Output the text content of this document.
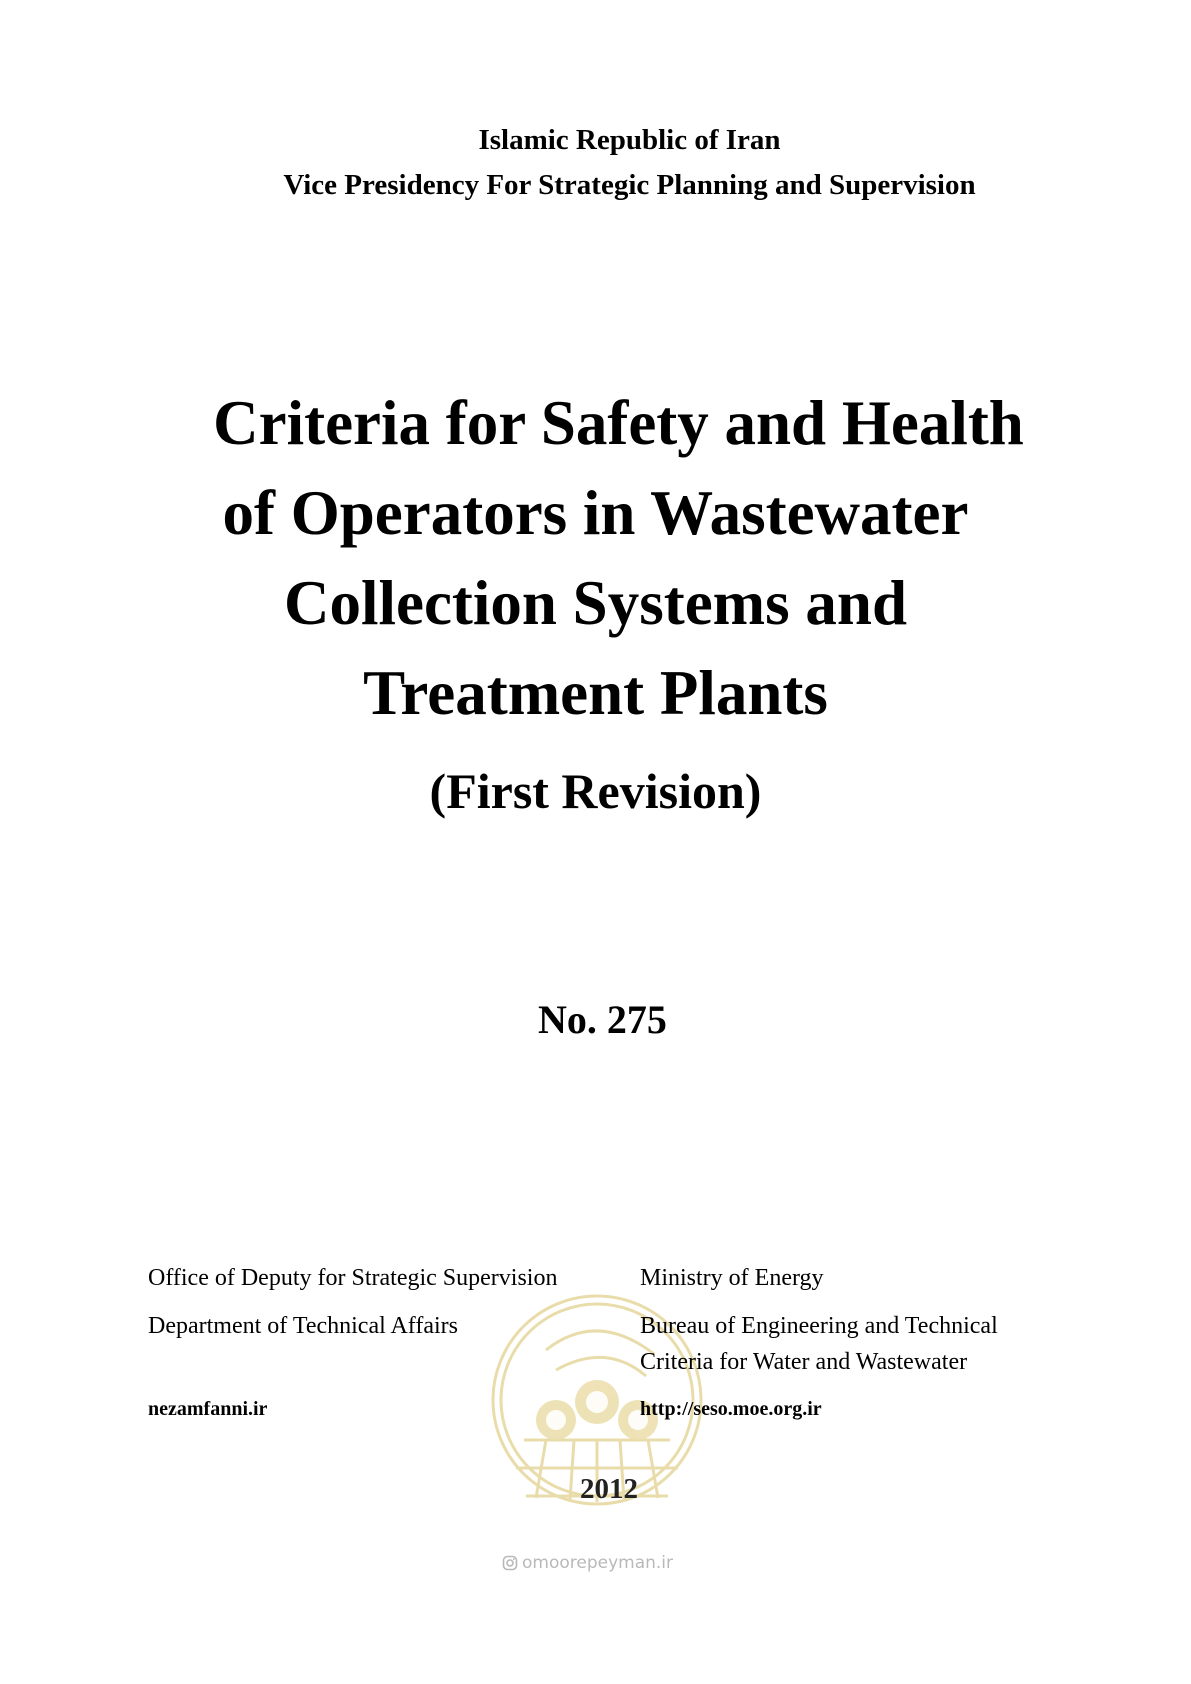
Islamic Republic of Iran
Vice Presidency For Strategic Planning and Supervision
Criteria for Safety and Health
of Operators in Wastewater
Collection Systems and
Treatment Plants
(First Revision)
No. 275
Office of Deputy for Strategic Supervision
Department of Technical Affairs
nezamfanni.ir
Ministry of Energy
Bureau of Engineering and Technical
Criteria for Water and Wastewater
http://seso.moe.org.ir
2012
omoorepeyman.ir
